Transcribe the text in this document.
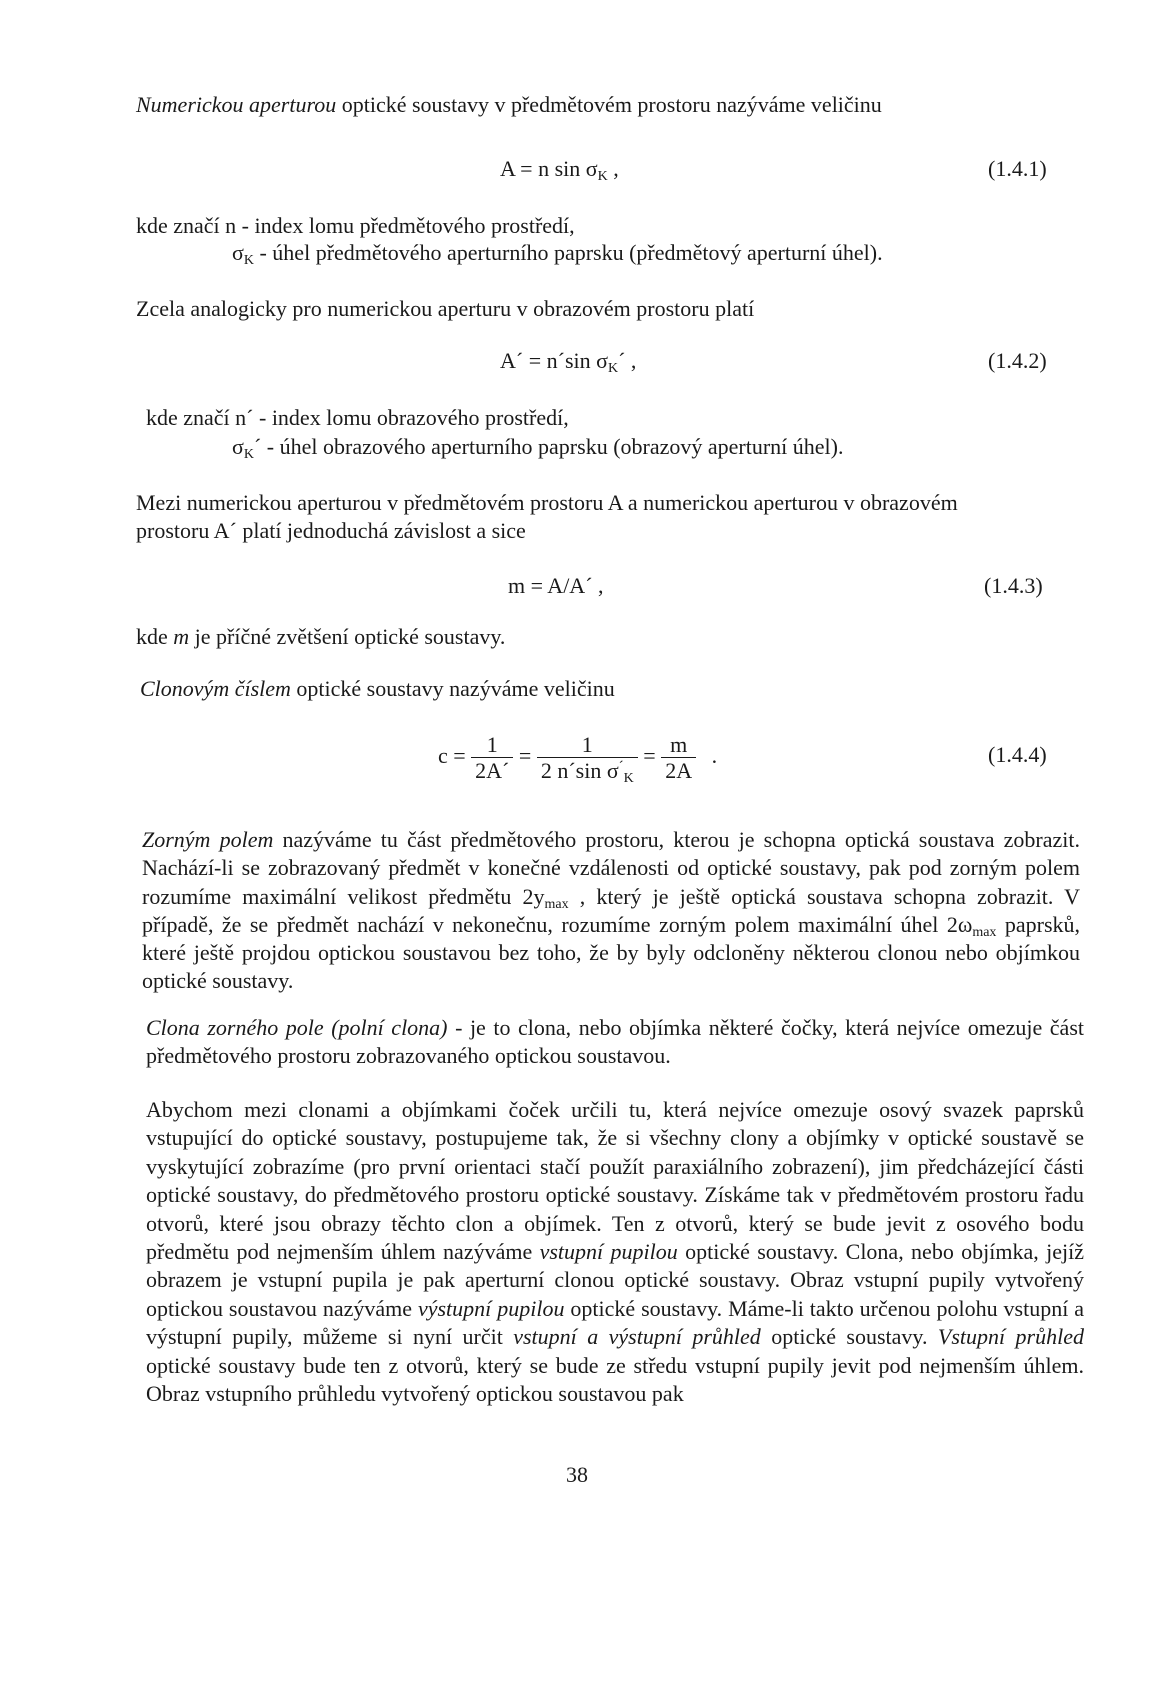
Numerickou aperturou optické soustavy v předmětovém prostoru nazýváme veličinu
A = n $\sin \sigma_K$ ,	(1.4.1)
kde značí n - index lomu předmětového prostředí,
$\sigma_K$ - úhel předmětového aperturního paprsku (předmětový aperturní úhel).
Zcela analogicky pro numerickou aperturu v obrazovém prostoru platí
A´ = n´sin $\sigma_K´$ ,	(1.4.2)
kde značí n´ - index lomu obrazového prostředí,
$\sigma_K´$ - úhel obrazového aperturního paprsku (obrazový aperturní úhel).
Mezi numerickou aperturou v předmětovém prostoru A a numerickou aperturou v obrazovém
prostoru A´ platí jednoduchá závislost a sice
m = A/A´ ,	(1.4.3)
kde m je příčné zvětšení optické soustavy.
Clonovým číslem optické soustavy nazýváme veličinu
$c = \frac{1}{2A´} = \frac{1}{2 n´\sin \sigma^´_K} = \frac{m}{2A}$ .	(1.4.4)
Zorným polem nazýváme tu část předmětového prostoru, kterou je schopna optická soustava zobrazit. Nachází-li se zobrazovaný předmět v konečné vzdálenosti od optické soustavy, pak pod zorným polem rozumíme maximální velikost předmětu $2y_{max}$ , který je ještě optická soustava schopna zobrazit. V případě, že se předmět nachází v nekonečnu, rozumíme zorným polem maximální úhel $2\omega_{max}$ paprsků, které ještě projdou optickou soustavou bez toho, že by byly odcloněny některou clonou nebo objímkou optické soustavy.
Clona zorného pole (polní clona) - je to clona, nebo objímka některé čočky, která nejvíce omezuje část předmětového prostoru zobrazovaného optickou soustavou.
Abychom mezi clonami a objímkami čoček určili tu, která nejvíce omezuje osový svazek paprsků vstupující do optické soustavy, postupujeme tak, že si všechny clony a objímky v optické soustavě se vyskytující zobrazíme (pro první orientaci stačí použít paraxiálního zobrazení), jim předcházející části optické soustavy, do předmětového prostoru optické soustavy. Získáme tak v předmětovém prostoru řadu otvorů, které jsou obrazy těchto clon a objímek. Ten z otvorů, který se bude jevit z osového bodu předmětu pod nejmenším úhlem nazýváme vstupní pupilou optické soustavy. Clona, nebo objímka, jejíž obrazem je vstupní pupila je pak aperturní clonou optické soustavy. Obraz vstupní pupily vytvořený optickou soustavou nazýváme výstupní pupilou optické soustavy. Máme-li takto určenou polohu vstupní a výstupní pupily, můžeme si nyní určit vstupní a výstupní průhled optické soustavy. Vstupní průhled optické soustavy bude ten z otvorů, který se bude ze středu vstupní pupily jevit pod nejmenším úhlem. Obraz vstupního průhledu vytvořený optickou soustavou pak
38
